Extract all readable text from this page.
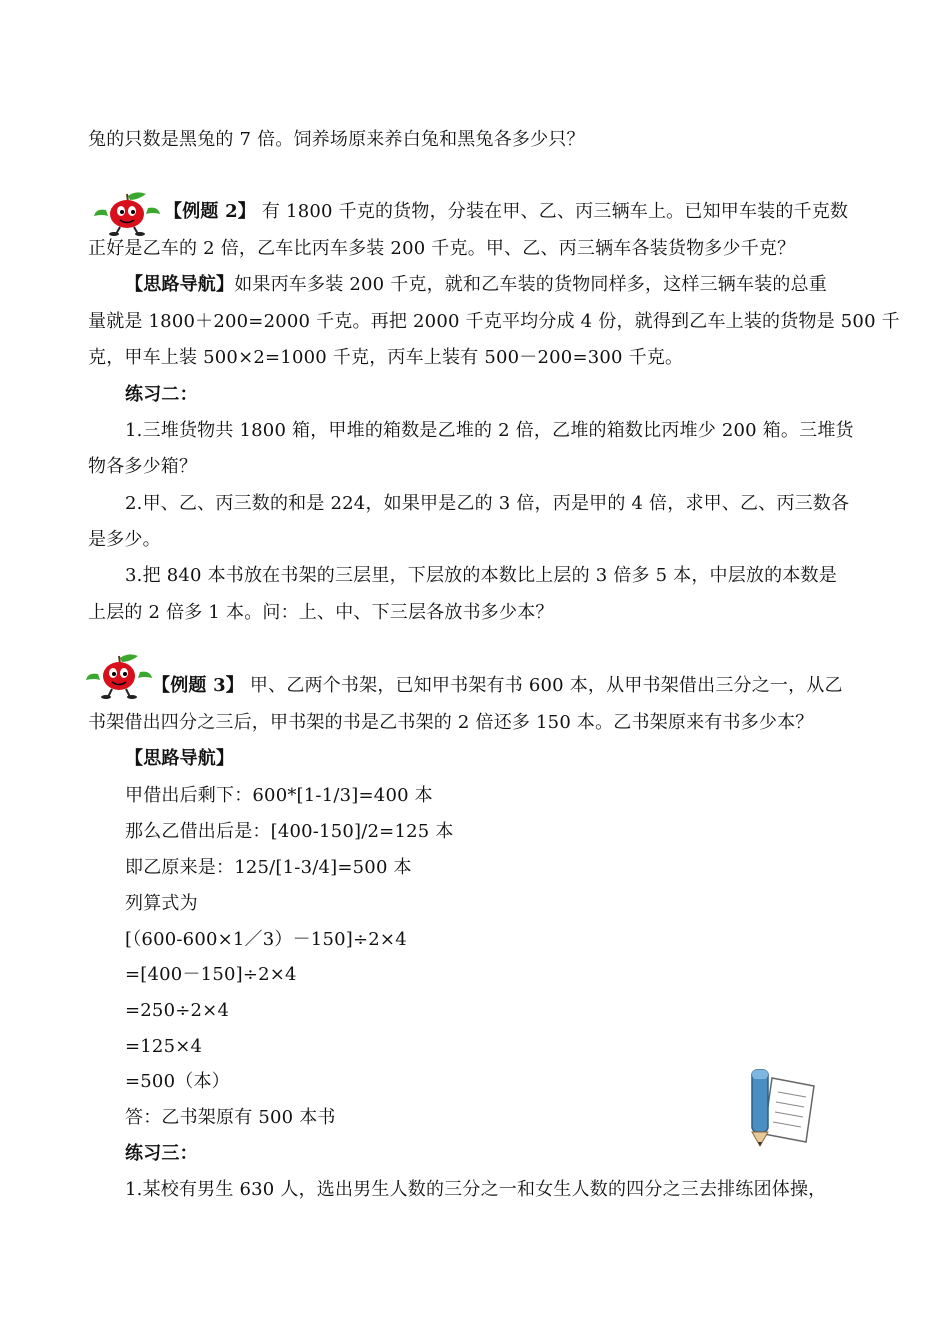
兔的只数是黑兔的 7 倍。饲养场原来养白兔和黑兔各多少只？
【例题 2】 有 1800 千克的货物，分装在甲、乙、丙三辆车上。已知甲车装的千克数
正好是乙车的 2 倍，乙车比丙车多装 200 千克。甲、乙、丙三辆车各装货物多少千克？
【思路导航】如果丙车多装 200 千克，就和乙车装的货物同样多，这样三辆车装的总重
量就是 1800＋200=2000 千克。再把 2000 千克平均分成 4 份，就得到乙车上装的货物是 500 千
克，甲车上装 500×2=1000 千克，丙车上装有 500－200=300 千克。
练习二：
1.三堆货物共 1800 箱，甲堆的箱数是乙堆的 2 倍，乙堆的箱数比丙堆少 200 箱。三堆货
物各多少箱？
2.甲、乙、丙三数的和是 224，如果甲是乙的 3 倍，丙是甲的 4 倍，求甲、乙、丙三数各
是多少。
3.把 840 本书放在书架的三层里，下层放的本数比上层的 3 倍多 5 本，中层放的本数是
上层的 2 倍多 1 本。问：上、中、下三层各放书多少本？
【例题 3】 甲、乙两个书架，已知甲书架有书 600 本，从甲书架借出三分之一，从乙
书架借出四分之三后，甲书架的书是乙书架的 2 倍还多 150 本。乙书架原来有书多少本？
【思路导航】
甲借出后剩下：600*[1-1/3]=400 本
那么乙借出后是：[400-150]/2=125 本
即乙原来是：125/[1-3/4]=500 本
列算式为
[（600-600×1／3）－150]÷2×4
=[400－150]÷2×4
=250÷2×4
=125×4
=500（本）
答：乙书架原有 500 本书
练习三：
1.某校有男生 630 人，选出男生人数的三分之一和女生人数的四分之三去排练团体操，
